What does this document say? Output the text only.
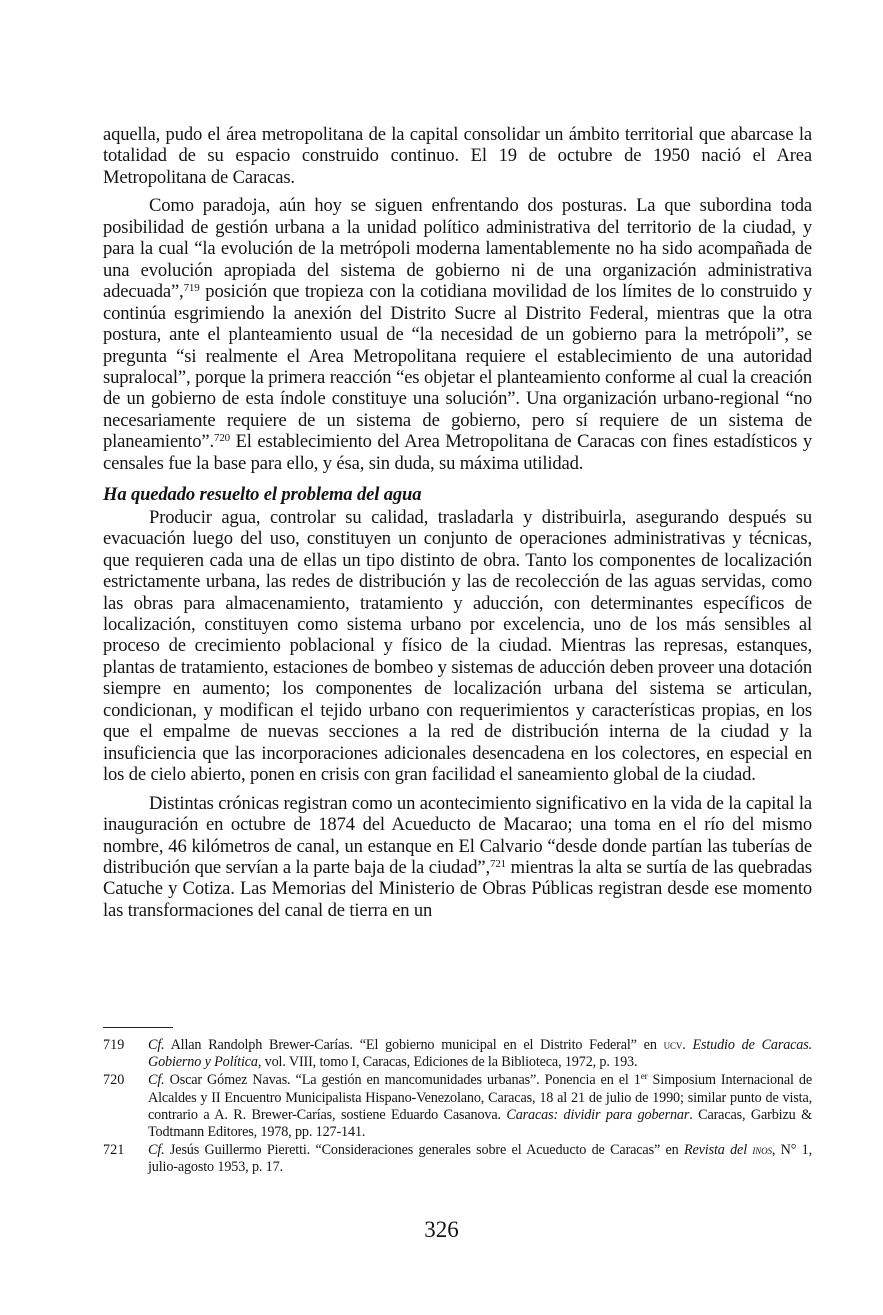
aquella, pudo el área metropolitana de la capital consolidar un ámbito territorial que abarcase la totalidad de su espacio construido continuo. El 19 de octubre de 1950 nació el Area Metropolitana de Caracas.

Como paradoja, aún hoy se siguen enfrentando dos posturas. La que subordina toda posibilidad de gestión urbana a la unidad político administrativa del territorio de la ciudad, y para la cual “la evolución de la metrópoli moderna lamentablemente no ha sido acompañada de una evolución apropiada del sistema de gobierno ni de una organización administrativa adecuada”,$^{719}$ posición que tropieza con la cotidiana movilidad de los límites de lo construido y continúa esgrimiendo la anexión del Distrito Sucre al Distrito Federal, mientras que la otra postura, ante el planteamiento usual de “la necesidad de un gobierno para la metrópoli”, se pregunta “si realmente el Area Metropolitana requiere el establecimiento de una autoridad supralocal”, porque la primera reacción “es objetar el planteamiento conforme al cual la creación de un gobierno de esta índole constituye una solución”. Una organización urbano-regional “no necesariamente requiere de un sistema de gobierno, pero sí requiere de un sistema de planeamiento”.$^{720}$ El establecimiento del Area Metropolitana de Caracas con fines estadísticos y censales fue la base para ello, y ésa, sin duda, su máxima utilidad.

Ha quedado resuelto el problema del agua

Producir agua, controlar su calidad, trasladarla y distribuirla, asegurando después su evacuación luego del uso, constituyen un conjunto de operaciones administrativas y técnicas, que requieren cada una de ellas un tipo distinto de obra. Tanto los componentes de localización estrictamente urbana, las redes de distribución y las de recolección de las aguas servidas, como las obras para almacenamiento, tratamiento y aducción, con determinantes específicos de localización, constituyen como sistema urbano por excelencia, uno de los más sensibles al proceso de crecimiento poblacional y físico de la ciudad. Mientras las represas, estanques, plantas de tratamiento, estaciones de bombeo y sistemas de aducción deben proveer una dotación siempre en aumento; los componentes de localización urbana del sistema se articulan, condicionan, y modifican el tejido urbano con requerimientos y características propias, en los que el empalme de nuevas secciones a la red de distribución interna de la ciudad y la insuficiencia que las incorporaciones adicionales desencadena en los colectores, en especial en los de cielo abierto, ponen en crisis con gran facilidad el saneamiento global de la ciudad.

Distintas crónicas registran como un acontecimiento significativo en la vida de la capital la inauguración en octubre de 1874 del Acueducto de Macarao; una toma en el río del mismo nombre, 46 kilómetros de canal, un estanque en El Calvario “desde donde partían las tuberías de distribución que servían a la parte baja de la ciudad”,$^{721}$ mientras la alta se surtía de las quebradas Catuche y Cotiza. Las Memorias del Ministerio de Obras Públicas registran desde ese momento las transformaciones del canal de tierra en un

719	Cf. Allan Randolph Brewer-Carías. “El gobierno municipal en el Distrito Federal” en ucv. Estudio de Caracas. Gobierno y Política, vol. VIII, tomo I, Caracas, Ediciones de la Biblioteca, 1972, p. 193.
720	Cf. Oscar Gómez Navas. “La gestión en mancomunidades urbanas”. Ponencia en el 1er Simposium Internacional de Alcaldes y II Encuentro Municipalista Hispano-Venezolano, Caracas, 18 al 21 de julio de 1990; similar punto de vista, contrario a A. R. Brewer-Carías, sostiene Eduardo Casanova. Caracas: dividir para gobernar. Caracas, Garbizu & Todtmann Editores, 1978, pp. 127-141.
721	Cf. Jesús Guillermo Pieretti. “Consideraciones generales sobre el Acueducto de Caracas” en Revista del inos, N° 1, julio-agosto 1953, p. 17.
326
